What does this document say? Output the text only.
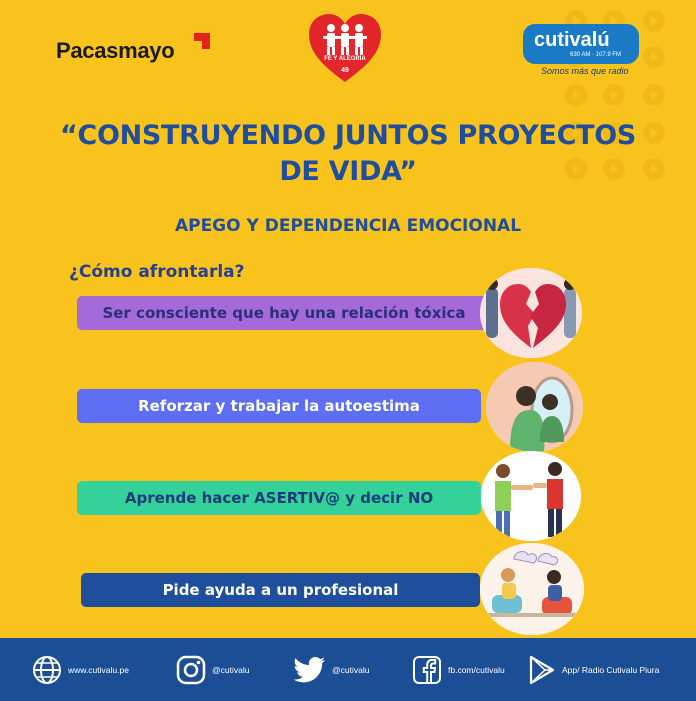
Pacasmayo	FE Y ALEGRIA
49
cutivalú
630 AM · 107.9 FM
Somos más que radio
“CONSTRUYENDO JUNTOS PROYECTOS DE VIDA”
APEGO Y DEPENDENCIA EMOCIONAL
¿Cómo afrontarla?
Ser consciente que hay una relación tóxica
Reforzar y trabajar la autoestima
Aprende hacer ASERTIV@ y decir NO
Pide ayuda a un profesional
www.cutivalu.pe	@cutivalu	@cutivalu	fb.com/cutivalu	App/ Radio Cutivalu Piura
